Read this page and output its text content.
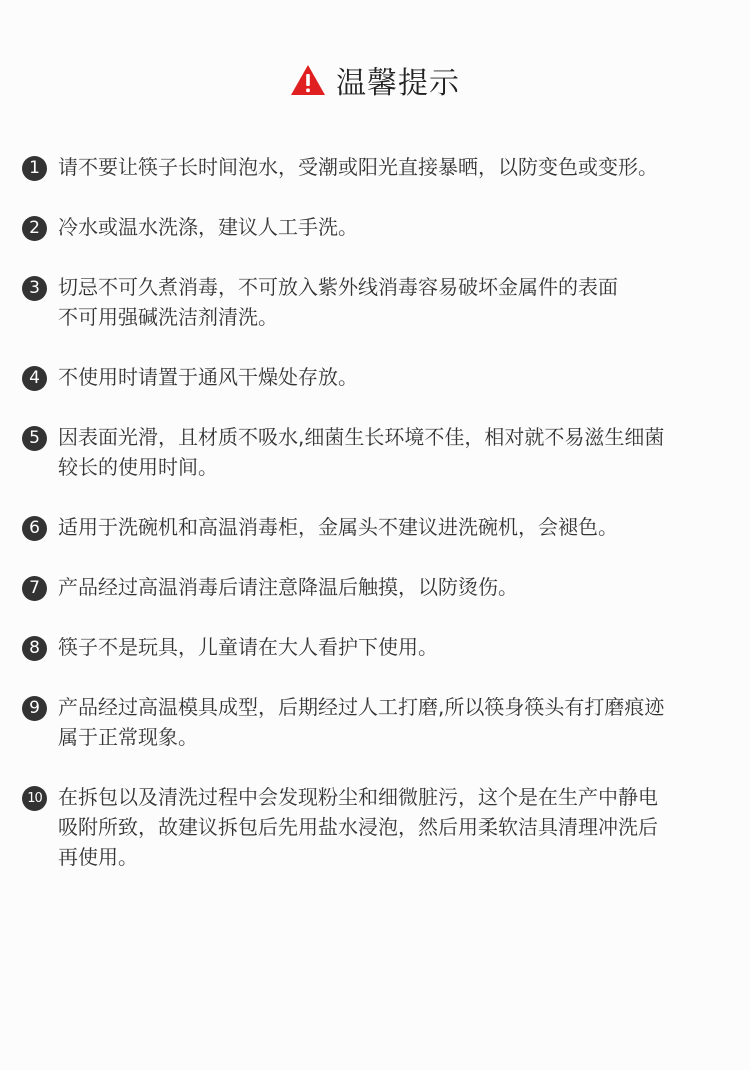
温馨提示
1 请不要让筷子长时间泡水，受潮或阳光直接暴晒，以防变色或变形。
2 冷水或温水洗涤，建议人工手洗。
3 切忌不可久煮消毒，不可放入紫外线消毒容易破坏金属件的表面
不可用强碱洗洁剂清洗。
4 不使用时请置于通风干燥处存放。
5 因表面光滑，且材质不吸水,细菌生长环境不佳，相对就不易滋生细菌
较长的使用时间。
6 适用于洗碗机和高温消毒柜，金属头不建议进洗碗机，会褪色。
7 产品经过高温消毒后请注意降温后触摸，以防烫伤。
8 筷子不是玩具，儿童请在大人看护下使用。
9 产品经过高温模具成型，后期经过人工打磨,所以筷身筷头有打磨痕迹
属于正常现象。
10 在拆包以及清洗过程中会发现粉尘和细微脏污，这个是在生产中静电
吸附所致，故建议拆包后先用盐水浸泡，然后用柔软洁具清理冲洗后
再使用。
